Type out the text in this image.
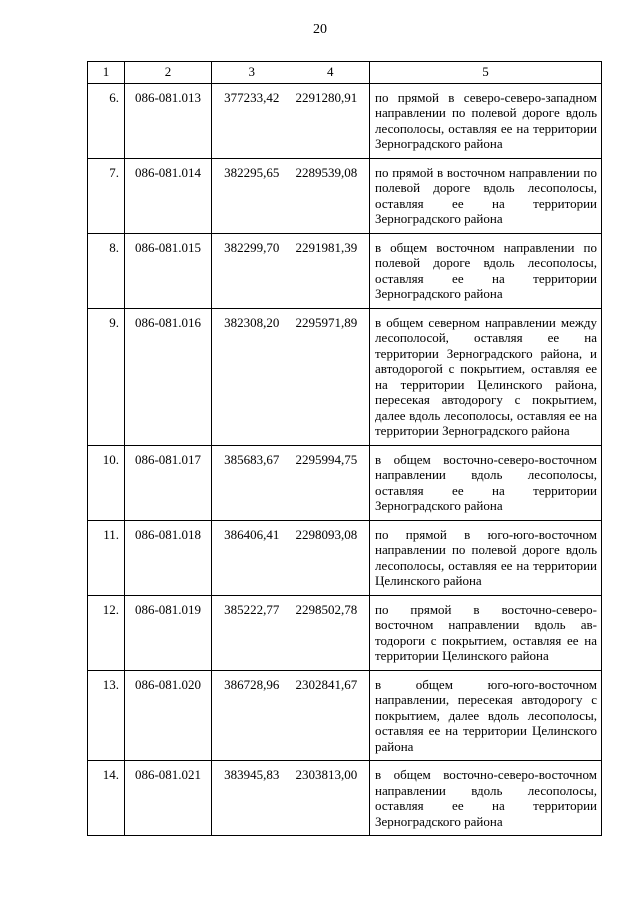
20
1	2	3	4	5
6.	086-081.013	377233,42	2291280,91	по прямой в северо-северо-западном направлении по полевой дороге вдоль лесополосы, оставляя ее на территории Зерноградского района
7.	086-081.014	382295,65	2289539,08	по прямой в восточном направлении по полевой дороге вдоль лесополосы, оставляя ее на территории Зерноградского района
8.	086-081.015	382299,70	2291981,39	в общем восточном направлении по полевой дороге вдоль лесополосы, оставляя ее на территории Зерноградского района
9.	086-081.016	382308,20	2295971,89	в общем северном направлении между лесополосой, оставляя ее на территории Зерноградского района, и автодорогой с покрытием, оставляя ее на территории Целинского района, пересекая автодорогу с покрытием, далее вдоль лесополосы, оставляя ее на территории Зерноградского района
10.	086-081.017	385683,67	2295994,75	в общем восточно-северо-восточном направлении вдоль лесополосы, оставляя ее на территории Зерноградского района
11.	086-081.018	386406,41	2298093,08	по прямой в юго-юго-восточном направлении по полевой дороге вдоль лесополосы, оставляя ее на территории Целинского района
12.	086-081.019	385222,77	2298502,78	по прямой в восточно-северо-восточном направлении вдоль автодороги с покрытием, оставляя ее на территории Целинского района
13.	086-081.020	386728,96	2302841,67	в общем юго-юго-восточном направлении, пересекая автодорогу с покрытием, далее вдоль лесополосы, оставляя ее на территории Целинского района
14.	086-081.021	383945,83	2303813,00	в общем восточно-северо-восточном направлении вдоль лесополосы, оставляя ее на территории Зерноградского района
